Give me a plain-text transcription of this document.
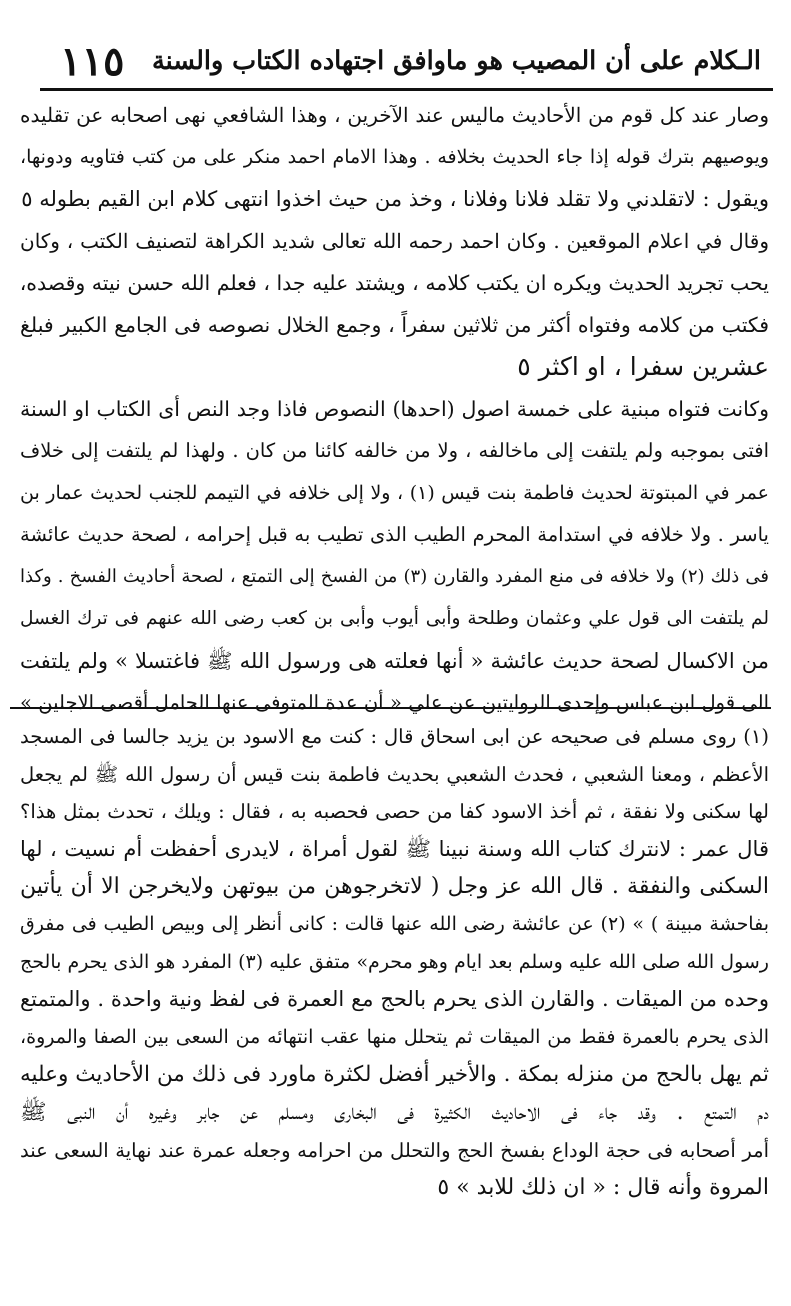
الـكلام على أن المصيب هو ماوافق اجتهاده الكتاب والسنة
١١٥
وصار عند كل قوم من الأحاديث ماليس عند الآخرين ، وهذا الشافعي نهى اصحابه عن تقليده
ويوصيهم بترك قوله إذا جاء الحديث بخلافه . وهذا الامام احمد منكر على من كتب فتاويه ودونها،
ويقول : لاتقلدني ولا تقلد فلانا وفلانا ، وخذ من حيث اخذوا انتهى كلام ابن القيم بطوله ٥
وقال في اعلام الموقعين . وكان احمد رحمه الله تعالى شديد الكراهة لتصنيف الكتب ، وكان
يحب تجريد الحديث ويكره ان يكتب كلامه ، ويشتد عليه جدا ، فعلم الله حسن نيته وقصده،
فكتب من كلامه وفتواه أكثر من ثلاثين سفراً ، وجمع الخلال نصوصه فى الجامع الكبير فبلغ
عشرين سفرا ، او اكثر ٥
وكانت فتواه مبنية على خمسة اصول (احدها) النصوص فاذا وجد النص أى الكتاب او السنة
افتى بموجبه ولم يلتفت إلى ماخالفه ، ولا من خالفه كائنا من كان . ولهذا لم يلتفت إلى خلاف
عمر في المبتوتة لحديث فاطمة بنت قيس (١) ، ولا إلى خلافه في التيمم للجنب لحديث عمار بن
ياسر . ولا خلافه في استدامة المحرم الطيب الذى تطيب به قبل إحرامه ، لصحة حديث عائشة
فى ذلك (٢) ولا خلافه فى منع المفرد والقارن (٣) من الفسخ إلى التمتع ، لصحة أحاديث الفسخ . وكذا
لم يلتفت الى قول علي وعثمان وطلحة وأبى أيوب وأبى بن كعب رضى الله عنهم فى ترك الغسل
من الاكسال لصحة حديث عائشة « أنها فعلته هى ورسول الله ﷺ فاغتسلا » ولم يلتفت
الى قول ابن عباس وإحدى الروايتين عن علي « أن عدة المتوفى عنها الحامل أقصى الاجلين »
(١) روى مسلم فى صحيحه عن ابى اسحاق قال : كنت مع الاسود بن يزيد جالسا فى المسجد
الأعظم ، ومعنا الشعبي ، فحدث الشعبي بحديث فاطمة بنت قيس أن رسول الله ﷺ لم يجعل
لها سكنى ولا نفقة ، ثم أخذ الاسود كفا من حصى فحصبه به ، فقال : ويلك ، تحدث بمثل هذا؟
قال عمر : لانترك كتاب الله وسنة نبينا ﷺ لقول أمراة ، لايدرى أحفظت أم نسيت ، لها
السكنى والنفقة . قال الله عز وجل ( لاتخرجوهن من بيوتهن ولايخرجن الا أن يأتين
بفاحشة مبينة ) » (٢) عن عائشة رضى الله عنها قالت : كانى أنظر إلى وبيص الطيب فى مفرق
رسول الله صلى الله عليه وسلم بعد ايام وهو محرم» متفق عليه (٣) المفرد هو الذى يحرم بالحج
وحده من الميقات . والقارن الذى يحرم بالحج مع العمرة فى لفظ ونية واحدة . والمتمتع
الذى يحرم بالعمرة فقط من الميقات ثم يتحلل منها عقب انتهائه من السعى بين الصفا والمروة،
ثم يهل بالحج من منزله بمكة . والأخير أفضل لكثرة ماورد فى ذلك من الأحاديث وعليه
دم التمتع . وقد جاء فى الاحاديث الكثيرة فى البخارى ومسلم عن جابر وغيره أن النبى ﷺ
أمر أصحابه فى حجة الوداع بفسخ الحج والتحلل من احرامه وجعله عمرة عند نهاية السعى عند
المروة وأنه قال : « ان ذلك للابد » ٥
